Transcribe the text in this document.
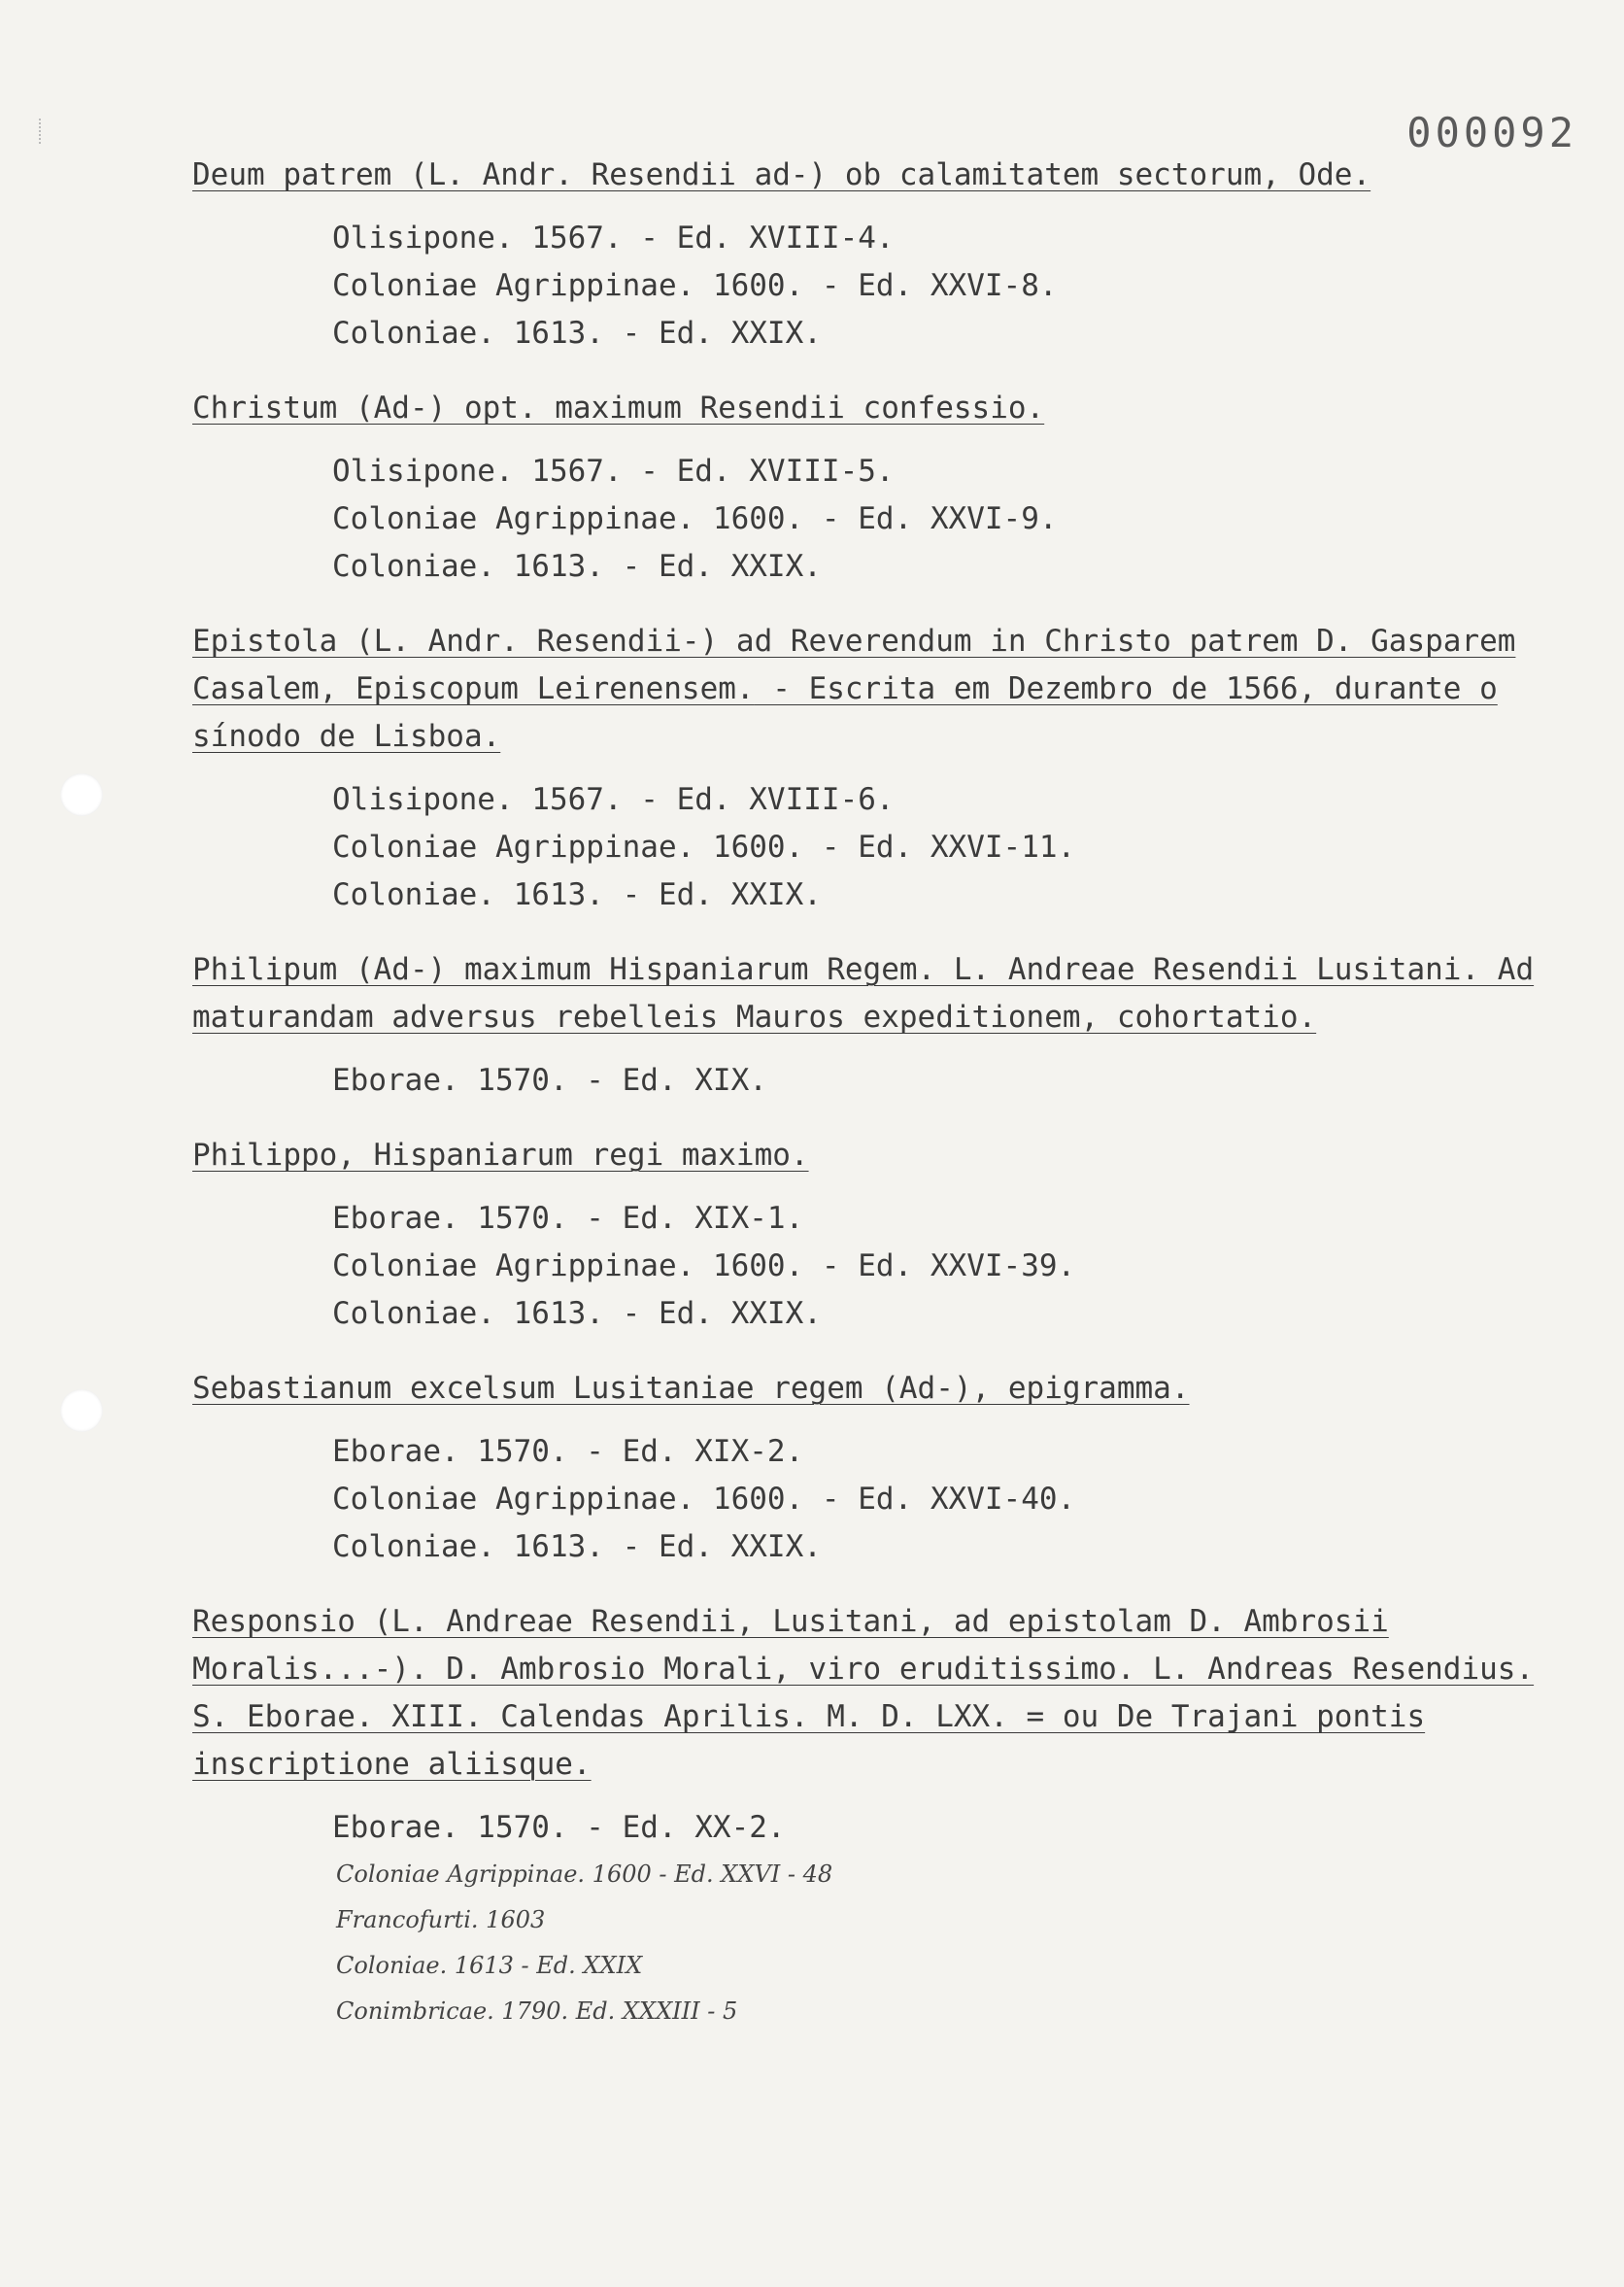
000092
Deum patrem (L. Andr. Resendii ad-) ob calamitatem sectorum, Ode.
Olisipone. 1567. - Ed. XVIII-4.
Coloniae Agrippinae. 1600. - Ed. XXVI-8.
Coloniae. 1613. - Ed. XXIX.
Christum (Ad-) opt. maximum Resendii confessio.
Olisipone. 1567. - Ed. XVIII-5.
Coloniae Agrippinae. 1600. - Ed. XXVI-9.
Coloniae. 1613. - Ed. XXIX.
Epistola (L. Andr. Resendii-) ad Reverendum in Christo patrem D. Gasparem Casalem, Episcopum Leirenensem. - Escrita em Dezembro de 1566, durante o sínodo de Lisboa.
Olisipone. 1567. - Ed. XVIII-6.
Coloniae Agrippinae. 1600. - Ed. XXVI-11.
Coloniae. 1613. - Ed. XXIX.
Philipum (Ad-) maximum Hispaniarum Regem. L. Andreae Resendii Lusitani. Ad maturandam adversus rebelleis Mauros expeditionem, cohortatio.
Eborae. 1570. - Ed. XIX.
Philippo, Hispaniarum regi maximo.
Eborae. 1570. - Ed. XIX-1.
Coloniae Agrippinae. 1600. - Ed. XXVI-39.
Coloniae. 1613. - Ed. XXIX.
Sebastianum excelsum Lusitaniae regem (Ad-), epigramma.
Eborae. 1570. - Ed. XIX-2.
Coloniae Agrippinae. 1600. - Ed. XXVI-40.
Coloniae. 1613. - Ed. XXIX.
Responsio (L. Andreae Resendii, Lusitani, ad epistolam D. Ambrosii Moralis...-). D. Ambrosio Morali, viro eruditissimo. L. Andreas Resendius. S. Eborae. XIII. Calendas Aprilis. M. D. LXX. = ou De Trajani pontis inscriptione aliisque.
Eborae. 1570. - Ed. XX-2.
Coloniae Agrippinae. 1600 - Ed. XXVI - 48
Francofurti. 1603
Coloniae. 1613 - Ed. XXIX
Conimbricae. 1790. Ed. XXXIII - 5
